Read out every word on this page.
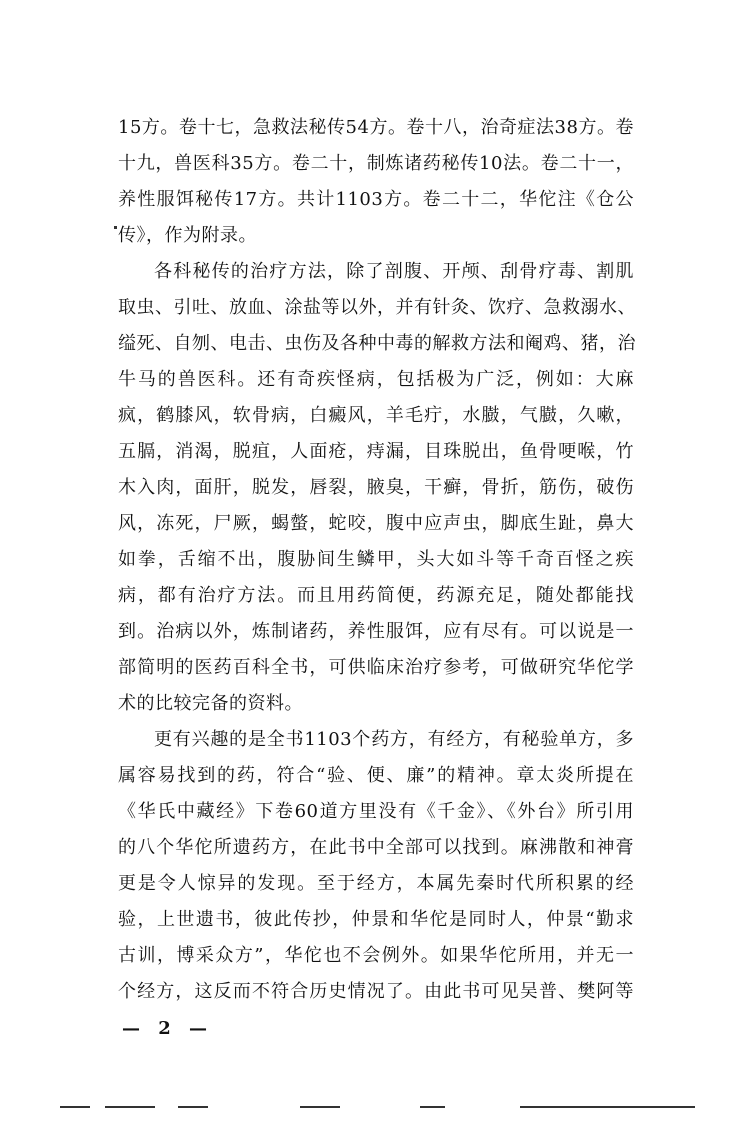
15方。卷十七，急救法秘传54方。卷十八，治奇症法38方。卷
十九，兽医科35方。卷二十，制炼诸药秘传10法。卷二十一，
养性服饵秘传17方。共计1103方。卷二十二，华佗注《仓公
传》，作为附录。
各科秘传的治疗方法，除了剖腹、开颅、刮骨疗毒、割肌
取虫、引吐、放血、涂盐等以外，并有针灸、饮疗、急救溺水、
缢死、自刎、电击、虫伤及各种中毒的解救方法和阉鸡、猪，治
牛马的兽医科。还有奇疾怪病，包括极为广泛，例如：大麻
疯，鹤膝风，软骨病，白癜风，羊毛疔，水臌，气臌，久嗽，
五膈，消渴，脱疽，人面疮，痔漏，目珠脱出，鱼骨哽喉，竹
木入肉，面肝，脱发，唇裂，腋臭，干癣，骨折，筋伤，破伤
风，冻死，尸厥，蝎螫，蛇咬，腹中应声虫，脚底生趾，鼻大
如拳，舌缩不出，腹胁间生鳞甲，头大如斗等千奇百怪之疾
病，都有治疗方法。而且用药简便，药源充足，随处都能找
到。治病以外，炼制诸药，养性服饵，应有尽有。可以说是一
部简明的医药百科全书，可供临床治疗参考，可做研究华佗学
术的比较完备的资料。
更有兴趣的是全书1103个药方，有经方，有秘验单方，多
属容易找到的药，符合“验、便、廉”的精神。章太炎所提在
《华氏中藏经》下卷60道方里没有《千金》、《外台》所引用
的八个华佗所遗药方，在此书中全部可以找到。麻沸散和神膏
更是令人惊异的发现。至于经方，本属先秦时代所积累的经
验，上世遗书，彼此传抄，仲景和华佗是同时人，仲景“勤求
古训，博采众方”，华佗也不会例外。如果华佗所用，并无一
个经方，这反而不符合历史情况了。由此书可见吴普、樊阿等
— 2 —
